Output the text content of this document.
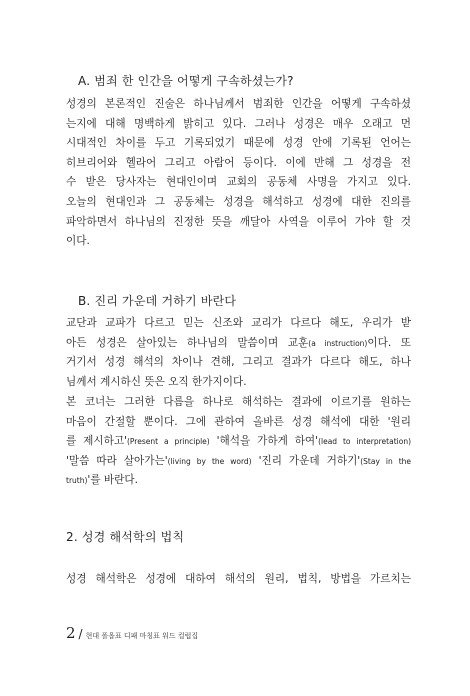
A. 범죄 한 인간을 어떻게 구속하셨는가?
성경의 본론적인 진술은 하나님께서 범죄한 인간을 어떻게 구속하셨
는지에 대해 명백하게 밝히고 있다. 그러나 성경은 매우 오래고 먼
시대적인 차이를 두고 기록되었기 때문에 성경 안에 기록된 언어는
히브리어와 헬라어 그리고 아람어 등이다. 이에 반해 그 성경을 전
수 받은 당사자는 현대인이며 교회의 공동체 사명을 가지고 있다.
오늘의 현대인과 그 공동체는 성경을 해석하고 성경에 대한 진의를
파악하면서 하나님의 진정한 뜻을 깨달아 사역을 이루어 가야 할 것
이다.
B. 진리 가운데 거하기 바란다
교단과 교파가 다르고 믿는 신조와 교리가 다르다 해도, 우리가 받
아든 성경은 살아있는 하나님의 말씀이며 교훈(a instruction)이다. 또
거기서 성경 해석의 차이나 견해, 그리고 결과가 다르다 해도, 하나
님께서 계시하신 뜻은 오직 한가지이다.
본 코너는 그러한 다름을 하나로 해석하는 결과에 이르기를 원하는
마음이 간절할 뿐이다. 그에 관하여 올바른 성경 해석에 대한 '원리
를 제시하고'(Present a principle) '해석을 가하게 하여'(lead to interpretation)
'말씀 따라 살아가는'(living by the word) '진리 가운데 거하기'(Stay in the
truth)'를 바란다.
2. 성경 해석학의 법칙
성경 해석학은 성경에 대하여 해석의 원리, 법칙, 방법을 가르치는
2 / 현대 폴옵표 디패 마칭표 워드 컬럽집
